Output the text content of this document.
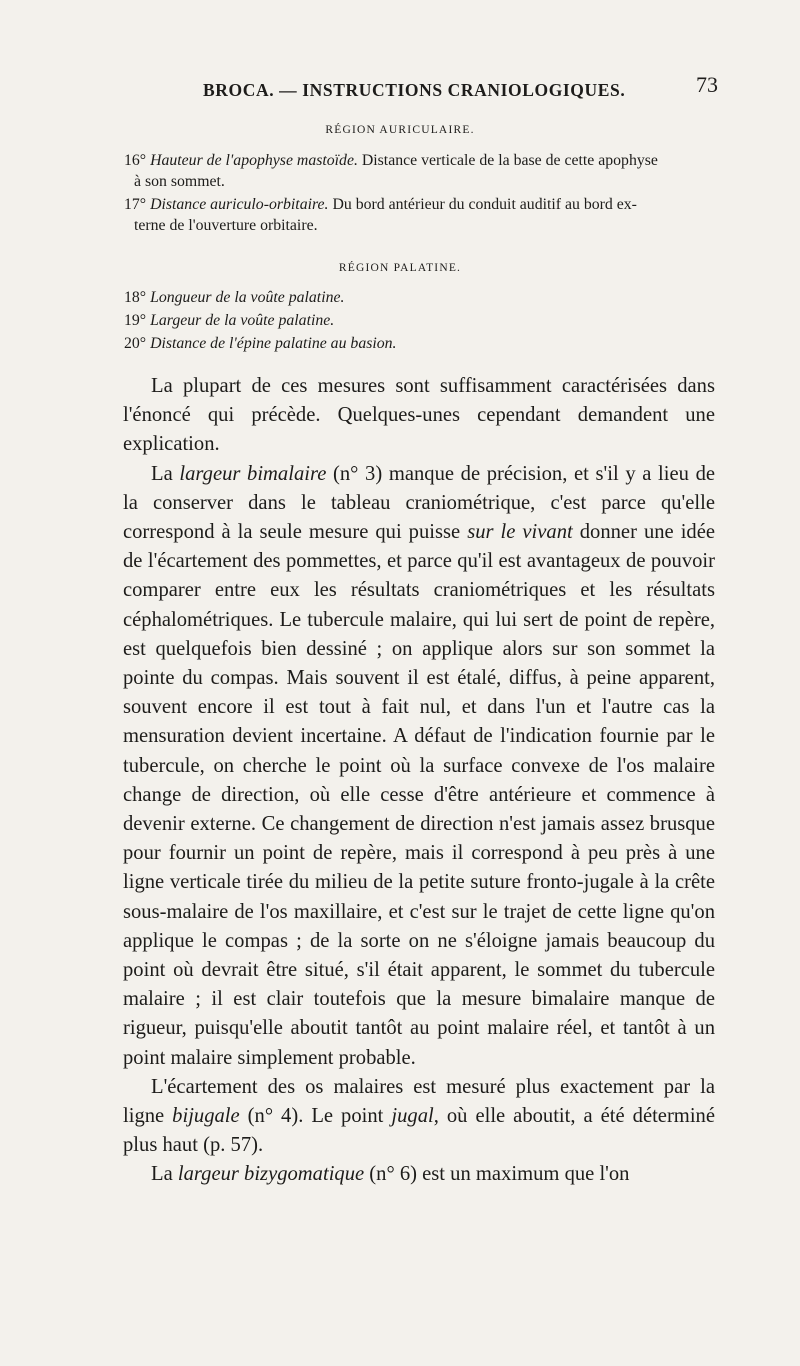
BROCA. — INSTRUCTIONS CRANIOLOGIQUES.	73
RÉGION AURICULAIRE.
16° Hauteur de l'apophyse mastoïde. Distance verticale de la base de cette apophyse
à son sommet.
17° Distance auriculo-orbitaire. Du bord antérieur du conduit auditif au bord ex-
terne de l'ouverture orbitaire.
RÉGION PALATINE.
18° Longueur de la voûte palatine.
19° Largeur de la voûte palatine.
20° Distance de l'épine palatine au basion.

La plupart de ces mesures sont suffisamment caractérisées dans l'énoncé qui précède. Quelques-unes cependant demandent une explication.

La largeur bimalaire (n° 3) manque de précision, et s'il y a lieu de la conserver dans le tableau craniométrique, c'est parce qu'elle correspond à la seule mesure qui puisse sur le vivant donner une idée de l'écartement des pommettes, et parce qu'il est avantageux de pouvoir comparer entre eux les résultats craniométriques et les résultats céphalométriques. Le tubercule malaire, qui lui sert de point de repère, est quelquefois bien dessiné ; on applique alors sur son sommet la pointe du compas. Mais souvent il est étalé, diffus, à peine apparent, souvent encore il est tout à fait nul, et dans l'un et l'autre cas la mensuration devient incertaine. A défaut de l'indication fournie par le tubercule, on cherche le point où la surface convexe de l'os malaire change de direction, où elle cesse d'être antérieure et commence à devenir externe. Ce changement de direction n'est jamais assez brusque pour fournir un point de repère, mais il correspond à peu près à une ligne verticale tirée du milieu de la petite suture fronto-jugale à la crête sous-malaire de l'os maxillaire, et c'est sur le trajet de cette ligne qu'on applique le compas ; de la sorte on ne s'éloigne jamais beaucoup du point où devrait être situé, s'il était apparent, le sommet du tubercule malaire ; il est clair toutefois que la mesure bimalaire manque de rigueur, puisqu'elle aboutit tantôt au point malaire réel, et tantôt à un point malaire simplement probable.

L'écartement des os malaires est mesuré plus exactement par la ligne bijugale (n° 4). Le point jugal, où elle aboutit, a été déterminé plus haut (p. 57).

La largeur bizygomatique (n° 6) est un maximum que l'on
